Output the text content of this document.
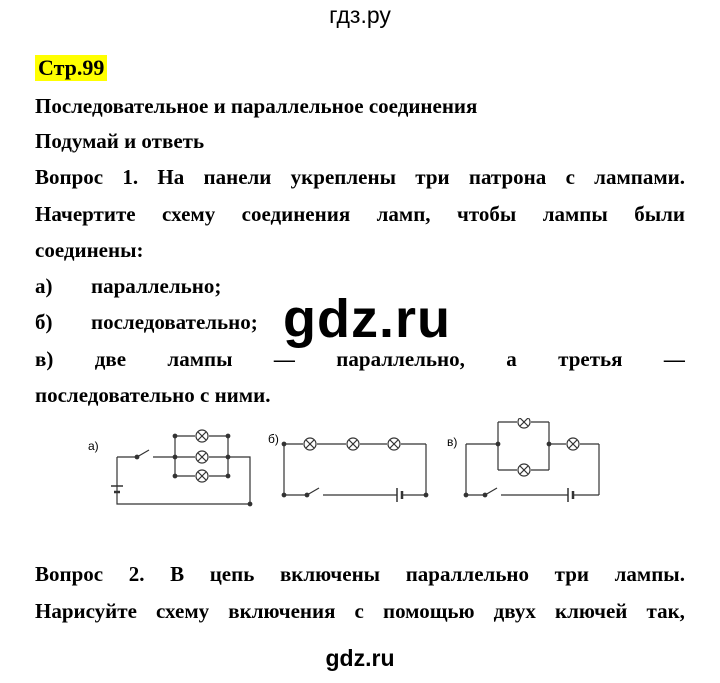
гдз.ру
Стр.99
Последовательное и параллельное соединения
Подумай и ответь
Вопрос 1. На панели укреплены три патрона с лампами.
Начертите схему соединения ламп, чтобы лампы были
соединены:
а) параллельно;
б) последовательно;
в) две лампы — параллельно, а третья —
последовательно с ними.
gdz.ru
а)	б)	в)
Вопрос 2. В цепь включены параллельно три лампы.
Нарисуйте схему включения с помощью двух ключей так,
gdz.ru
